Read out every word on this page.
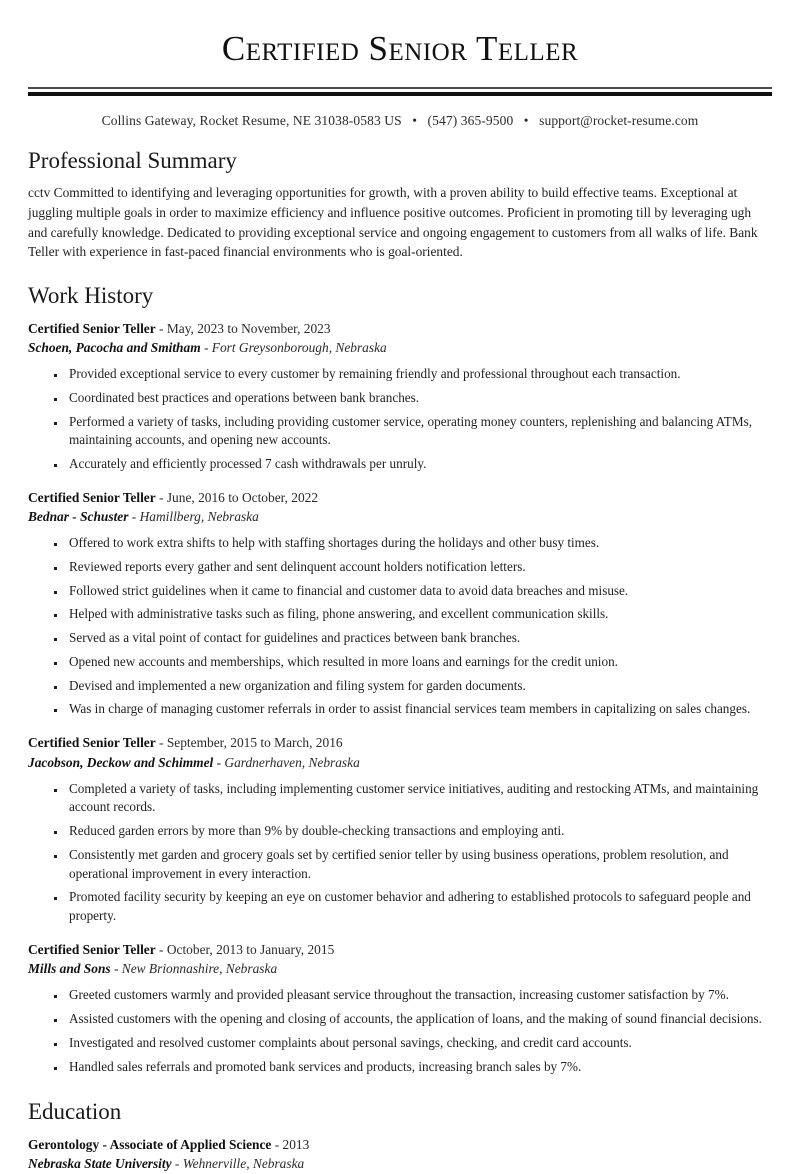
Certified Senior Teller
Collins Gateway, Rocket Resume, NE 31038-0583 US • (547) 365-9500 • support@rocket-resume.com
Professional Summary

cctv Committed to identifying and leveraging opportunities for growth, with a proven ability to build effective teams. Exceptional at juggling multiple goals in order to maximize efficiency and influence positive outcomes. Proficient in promoting till by leveraging ugh and carefully knowledge. Dedicated to providing exceptional service and ongoing engagement to customers from all walks of life. Bank Teller with experience in fast-paced financial environments who is goal-oriented.

Work History
Certified Senior Teller - May, 2023 to November, 2023
Schoen, Pacocha and Smitham - Fort Greysonborough, Nebraska
▪ Provided exceptional service to every customer by remaining friendly and professional throughout each transaction.
▪ Coordinated best practices and operations between bank branches.
▪ Performed a variety of tasks, including providing customer service, operating money counters, replenishing and balancing ATMs, maintaining accounts, and opening new accounts.
▪ Accurately and efficiently processed 7 cash withdrawals per unruly.
Certified Senior Teller - June, 2016 to October, 2022
Bednar - Schuster - Hamillberg, Nebraska
▪ Offered to work extra shifts to help with staffing shortages during the holidays and other busy times.
▪ Reviewed reports every gather and sent delinquent account holders notification letters.
▪ Followed strict guidelines when it came to financial and customer data to avoid data breaches and misuse.
▪ Helped with administrative tasks such as filing, phone answering, and excellent communication skills.
▪ Served as a vital point of contact for guidelines and practices between bank branches.
▪ Opened new accounts and memberships, which resulted in more loans and earnings for the credit union.
▪ Devised and implemented a new organization and filing system for garden documents.
▪ Was in charge of managing customer referrals in order to assist financial services team members in capitalizing on sales changes.
Certified Senior Teller - September, 2015 to March, 2016
Jacobson, Deckow and Schimmel - Gardnerhaven, Nebraska
▪ Completed a variety of tasks, including implementing customer service initiatives, auditing and restocking ATMs, and maintaining account records.
▪ Reduced garden errors by more than 9% by double-checking transactions and employing anti.
▪ Consistently met garden and grocery goals set by certified senior teller by using business operations, problem resolution, and operational improvement in every interaction.
▪ Promoted facility security by keeping an eye on customer behavior and adhering to established protocols to safeguard people and property.
Certified Senior Teller - October, 2013 to January, 2015
Mills and Sons - New Brionnashire, Nebraska
▪ Greeted customers warmly and provided pleasant service throughout the transaction, increasing customer satisfaction by 7%.
▪ Assisted customers with the opening and closing of accounts, the application of loans, and the making of sound financial decisions.
▪ Investigated and resolved customer complaints about personal savings, checking, and credit card accounts.
▪ Handled sales referrals and promoted bank services and products, increasing branch sales by 7%.
Education
Gerontology - Associate of Applied Science - 2013
Nebraska State University - Wehnerville, Nebraska
